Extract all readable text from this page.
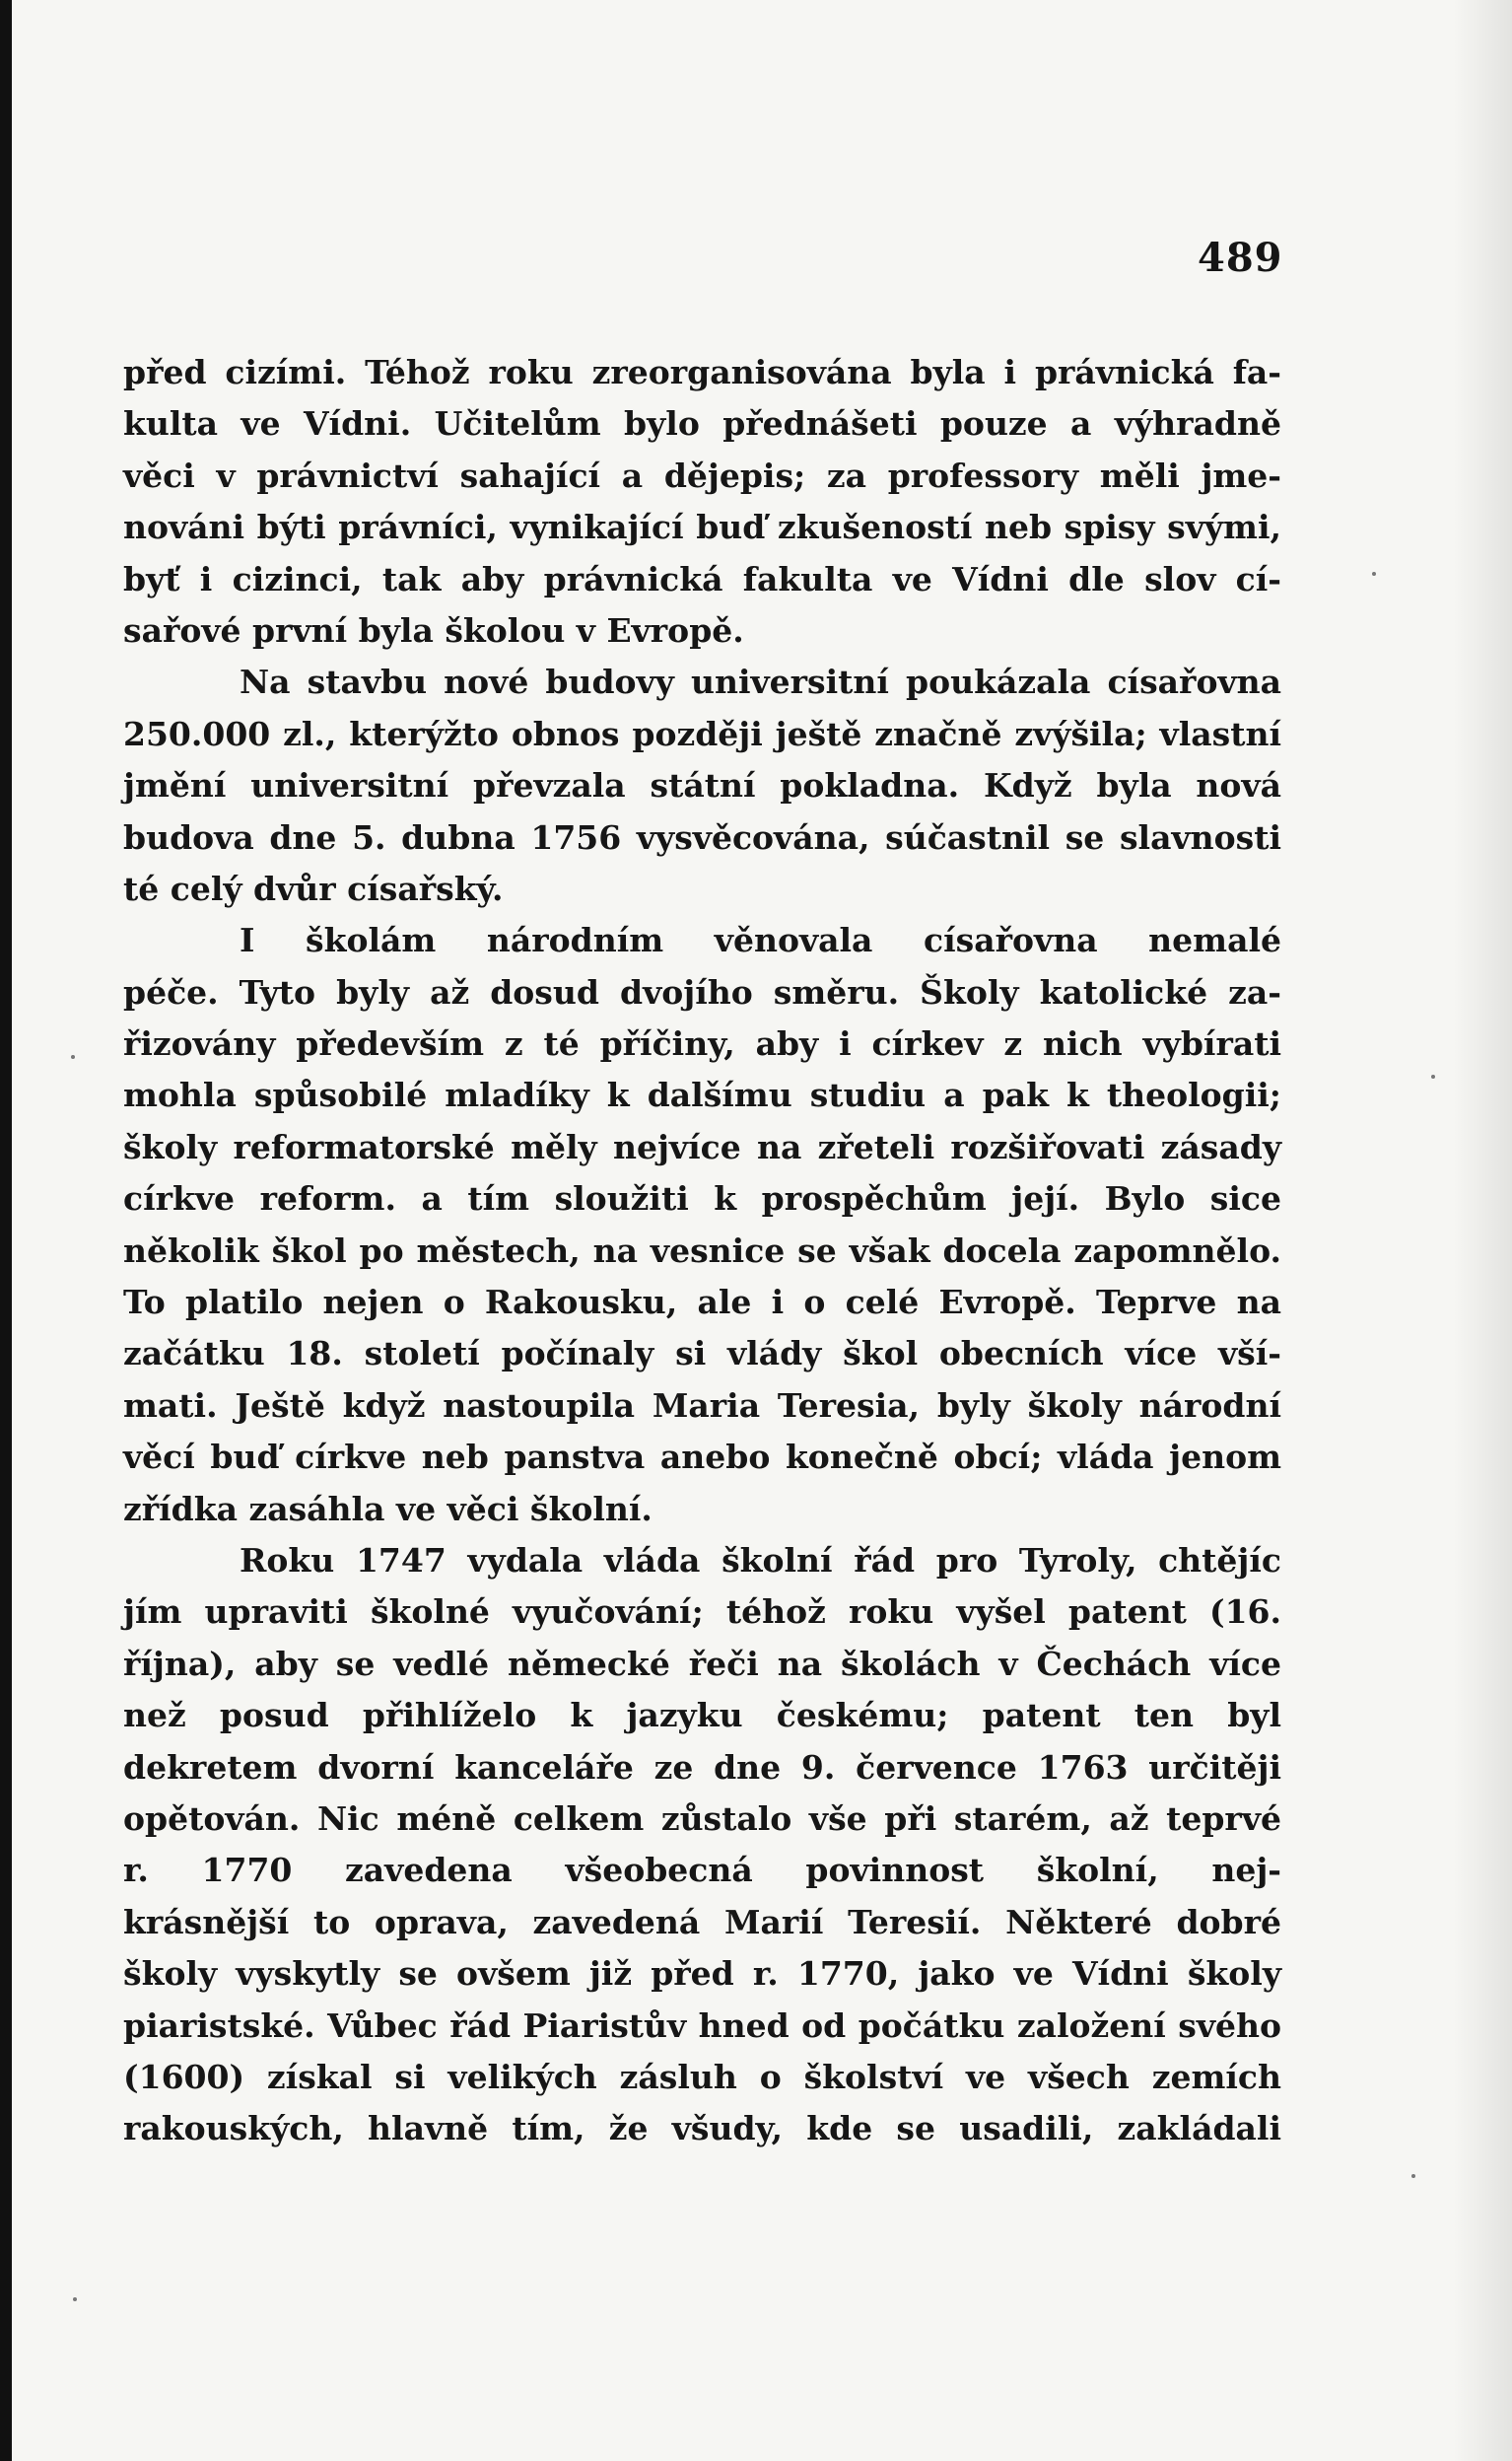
489
před cizími. Téhož roku zreorganisována byla i právnická fa-
kulta ve Vídni. Učitelům bylo přednášeti pouze a výhradně
věci v právnictví sahající a dějepis; za professory měli jme-
nováni býti právníci, vynikající buď zkušeností neb spisy svými,
byť i cizinci, tak aby právnická fakulta ve Vídni dle slov cí-
sařové první byla školou v Evropě.
Na stavbu nové budovy universitní poukázala císařovna
250.000 zl., kterýžto obnos později ještě značně zvýšila; vlastní
jmění universitní převzala státní pokladna. Když byla nová
budova dne 5. dubna 1756 vysvěcována, súčastnil se slavnosti
té celý dvůr císařský.
I školám národním věnovala císařovna nemalé
péče. Tyto byly až dosud dvojího směru. Školy katolické za-
řizovány především z té příčiny, aby i církev z nich vybírati
mohla spůsobilé mladíky k dalšímu studiu a pak k theologii;
školy reformatorské měly nejvíce na zřeteli rozšiřovati zásady
církve reform. a tím sloužiti k prospěchům její. Bylo sice
několik škol po městech, na vesnice se však docela zapomnělo.
To platilo nejen o Rakousku, ale i o celé Evropě. Teprve na
začátku 18. století počínaly si vlády škol obecních více vší-
mati. Ještě když nastoupila Maria Teresia, byly školy národní
věcí buď církve neb panstva anebo konečně obcí; vláda jenom
zřídka zasáhla ve věci školní.
Roku 1747 vydala vláda školní řád pro Tyroly, chtějíc
jím upraviti školné vyučování; téhož roku vyšel patent (16.
října), aby se vedlé německé řeči na školách v Čechách více
než posud přihlíželo k jazyku českému; patent ten byl
dekretem dvorní kanceláře ze dne 9. července 1763 určitěji
opětován. Nic méně celkem zůstalo vše při starém, až teprvé
r. 1770 zavedena všeobecná povinnost školní, nej-
krásnější to oprava, zavedená Marií Teresií. Některé dobré
školy vyskytly se ovšem již před r. 1770, jako ve Vídni školy
piaristské. Vůbec řád Piaristův hned od počátku založení svého
(1600) získal si velikých zásluh o školství ve všech zemích
rakouských, hlavně tím, že všudy, kde se usadili, zakládali
